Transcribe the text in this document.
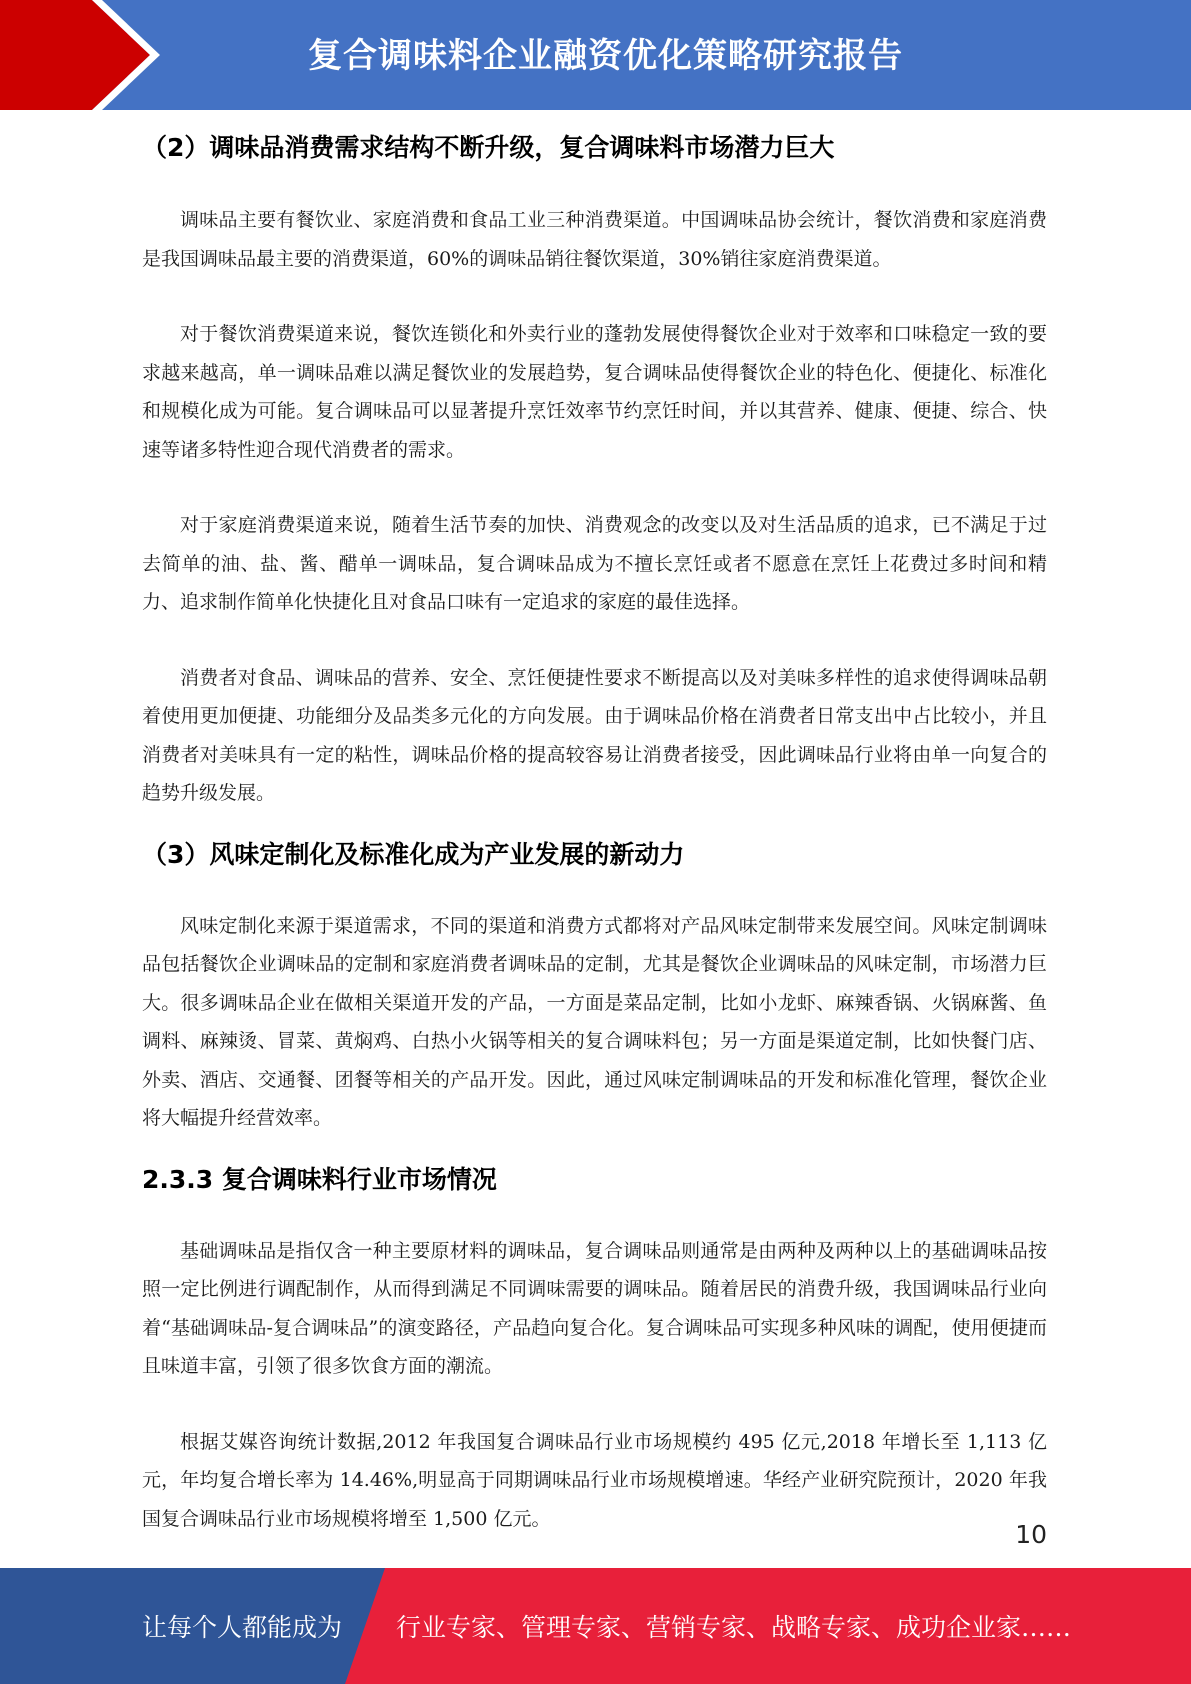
复合调味料企业融资优化策略研究报告
（2）调味品消费需求结构不断升级，复合调味料市场潜力巨大

调味品主要有餐饮业、家庭消费和食品工业三种消费渠道。中国调味品协会统计，餐饮消费和家庭消费是我国调味品最主要的消费渠道，60%的调味品销往餐饮渠道，30%销往家庭消费渠道。

对于餐饮消费渠道来说，餐饮连锁化和外卖行业的蓬勃发展使得餐饮企业对于效率和口味稳定一致的要求越来越高，单一调味品难以满足餐饮业的发展趋势，复合调味品使得餐饮企业的特色化、便捷化、标准化和规模化成为可能。复合调味品可以显著提升烹饪效率节约烹饪时间，并以其营养、健康、便捷、综合、快速等诸多特性迎合现代消费者的需求。

对于家庭消费渠道来说，随着生活节奏的加快、消费观念的改变以及对生活品质的追求，已不满足于过去简单的油、盐、酱、醋单一调味品，复合调味品成为不擅长烹饪或者不愿意在烹饪上花费过多时间和精力、追求制作简单化快捷化且对食品口味有一定追求的家庭的最佳选择。

消费者对食品、调味品的营养、安全、烹饪便捷性要求不断提高以及对美味多样性的追求使得调味品朝着使用更加便捷、功能细分及品类多元化的方向发展。由于调味品价格在消费者日常支出中占比较小，并且消费者对美味具有一定的粘性，调味品价格的提高较容易让消费者接受，因此调味品行业将由单一向复合的趋势升级发展。

（3）风味定制化及标准化成为产业发展的新动力

风味定制化来源于渠道需求，不同的渠道和消费方式都将对产品风味定制带来发展空间。风味定制调味品包括餐饮企业调味品的定制和家庭消费者调味品的定制，尤其是餐饮企业调味品的风味定制，市场潜力巨大。很多调味品企业在做相关渠道开发的产品，一方面是菜品定制，比如小龙虾、麻辣香锅、火锅麻酱、鱼调料、麻辣烫、冒菜、黄焖鸡、白热小火锅等相关的复合调味料包；另一方面是渠道定制，比如快餐门店、外卖、酒店、交通餐、团餐等相关的产品开发。因此，通过风味定制调味品的开发和标准化管理，餐饮企业将大幅提升经营效率。

2.3.3 复合调味料行业市场情况

基础调味品是指仅含一种主要原材料的调味品，复合调味品则通常是由两种及两种以上的基础调味品按照一定比例进行调配制作，从而得到满足不同调味需要的调味品。随着居民的消费升级，我国调味品行业向着“基础调味品-复合调味品”的演变路径，产品趋向复合化。复合调味品可实现多种风味的调配，使用便捷而且味道丰富，引领了很多饮食方面的潮流。

根据艾媒咨询统计数据,2012 年我国复合调味品行业市场规模约 495 亿元,2018 年增长至 1,113 亿元，年均复合增长率为 14.46%,明显高于同期调味品行业市场规模增速。华经产业研究院预计，2020 年我国复合调味品行业市场规模将增至 1,500 亿元。

10
让每个人都能成为 行业专家、管理专家、营销专家、战略专家、成功企业家……
